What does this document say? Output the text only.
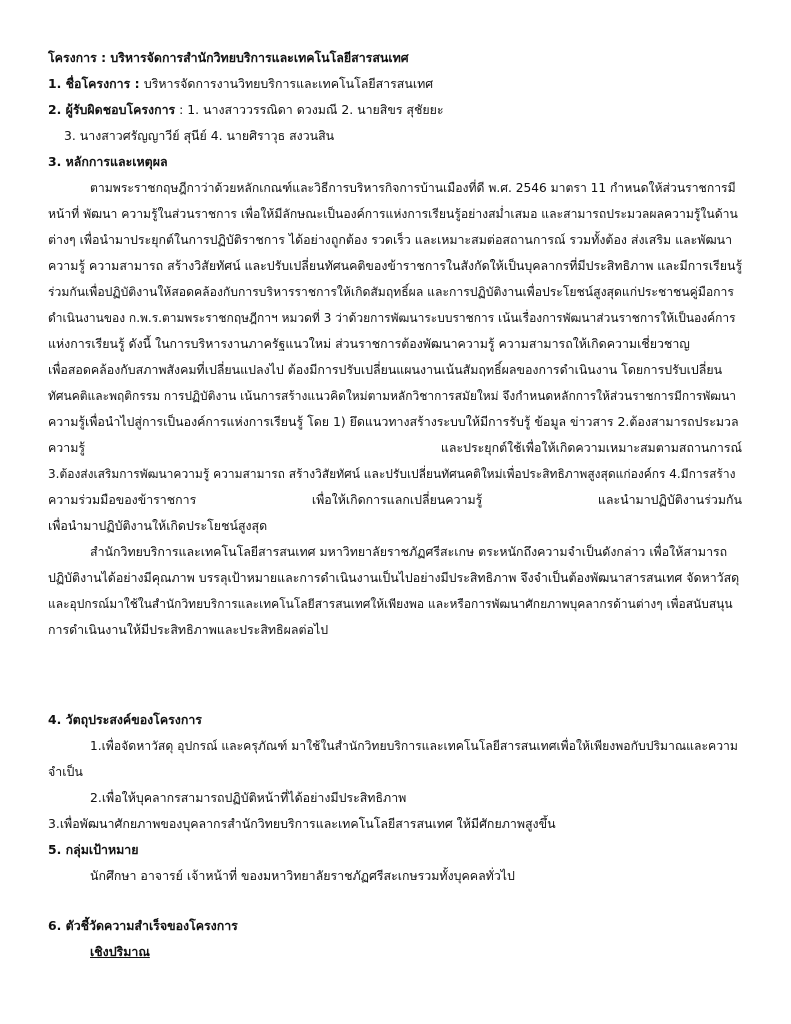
โครงการ : บริหารจัดการสำนักวิทยบริการและเทคโนโลยีสารสนเทศ
1. ชื่อโครงการ : บริหารจัดการงานวิทยบริการและเทคโนโลยีสารสนเทศ
2. ผู้รับผิดชอบโครงการ : 1. นางสาววรรณิดา ดวงมณี 2. นายสิขร สุชัยยะ
3. นางสาวศรัญญาวีย์ สุนีย์ 4. นายศิราวุธ สงวนสิน
3. หลักการและเหตุผล
ตามพระราชกฤษฎีกาว่าด้วยหลักเกณฑ์และวิธีการบริหารกิจการบ้านเมืองที่ดี พ.ศ. 2546 มาตรา 11 กำหนดให้ส่วนราชการมี
หน้าที่ พัฒนา ความรู้ในส่วนราชการ เพื่อให้มีลักษณะเป็นองค์การแห่งการเรียนรู้อย่างสม่ำเสมอ และสามารถประมวลผลความรู้ในด้าน
ต่างๆ เพื่อนำมาประยุกต์ในการปฏิบัติราชการ ได้อย่างถูกต้อง รวดเร็ว และเหมาะสมต่อสถานการณ์ รวมทั้งต้อง ส่งเสริม และพัฒนา
ความรู้ ความสามารถ สร้างวิสัยทัศน์ และปรับเปลี่ยนทัศนคติของข้าราชการในสังกัดให้เป็นบุคลากรที่มีประสิทธิภาพ และมีการเรียนรู้
ร่วมกันเพื่อปฏิบัติงานให้สอดคล้องกับการบริหารราชการให้เกิดสัมฤทธิ์ผล และการปฏิบัติงานเพื่อประโยชน์สูงสุดแก่ประชาชนคู่มือการ
ดำเนินงานของ ก.พ.ร.ตามพระราชกฤษฎีกาฯ หมวดที่ 3 ว่าด้วยการพัฒนาระบบราชการ เน้นเรื่องการพัฒนาส่วนราชการให้เป็นองค์การ
แห่งการเรียนรู้ ดังนี้ ในการบริหารงานภาครัฐแนวใหม่ ส่วนราชการต้องพัฒนาความรู้ ความสามารถให้เกิดความเชี่ยวชาญ
เพื่อสอดคล้องกับสภาพสังคมที่เปลี่ยนแปลงไป ต้องมีการปรับเปลี่ยนแผนงานเน้นสัมฤทธิ์ผลของการดำเนินงาน โดยการปรับเปลี่ยน
ทัศนคติและพฤติกรรม การปฏิบัติงาน เน้นการสร้างแนวคิดใหม่ตามหลักวิชาการสมัยใหม่ จึงกำหนดหลักการให้ส่วนราชการมีการพัฒนา
ความรู้เพื่อนำไปสู่การเป็นองค์การแห่งการเรียนรู้ โดย 1) ยึดแนวทางสร้างระบบให้มีการรับรู้ ข้อมูล ข่าวสาร 2.ต้องสามารถประมวล
ความรู้ และประยุกต์ใช้เพื่อให้เกิดความเหมาะสมตามสถานการณ์
3.ต้องส่งเสริมการพัฒนาความรู้ ความสามารถ สร้างวิสัยทัศน์ และปรับเปลี่ยนทัศนคติใหม่เพื่อประสิทธิภาพสูงสุดแก่องค์กร 4.มีการสร้าง
ความร่วมมือของข้าราชการ เพื่อให้เกิดการแลกเปลี่ยนความรู้ และนำมาปฏิบัติงานร่วมกัน
เพื่อนำมาปฏิบัติงานให้เกิดประโยชน์สูงสุด
สำนักวิทยบริการและเทคโนโลยีสารสนเทศ มหาวิทยาลัยราชภัฏศรีสะเกษ ตระหนักถึงความจำเป็นดังกล่าว เพื่อให้สามารถ
ปฏิบัติงานได้อย่างมีคุณภาพ บรรลุเป้าหมายและการดำเนินงานเป็นไปอย่างมีประสิทธิภาพ จึงจำเป็นต้องพัฒนาสารสนเทศ จัดหาวัสดุ
และอุปกรณ์มาใช้ในสำนักวิทยบริการและเทคโนโลยีสารสนเทศให้เพียงพอ และหรือการพัฒนาศักยภาพบุคลากรด้านต่างๆ เพื่อสนับสนุน
การดำเนินงานให้มีประสิทธิภาพและประสิทธิผลต่อไป
4. วัตถุประสงค์ของโครงการ
1.เพื่อจัดหาวัสดุ อุปกรณ์ และครุภัณฑ์ มาใช้ในสำนักวิทยบริการและเทคโนโลยีสารสนเทศเพื่อให้เพียงพอกับปริมาณและความ
จำเป็น
2.เพื่อให้บุคลากรสามารถปฏิบัติหน้าที่ได้อย่างมีประสิทธิภาพ
3.เพื่อพัฒนาศักยภาพของบุคลากรสำนักวิทยบริการและเทคโนโลยีสารสนเทศ ให้มีศักยภาพสูงขึ้น
5. กลุ่มเป้าหมาย
นักศึกษา อาจารย์ เจ้าหน้าที่ ของมหาวิทยาลัยราชภัฏศรีสะเกษรวมทั้งบุคคลทั่วไป
6. ตัวชี้วัดความสำเร็จของโครงการ
เชิงปริมาณ
